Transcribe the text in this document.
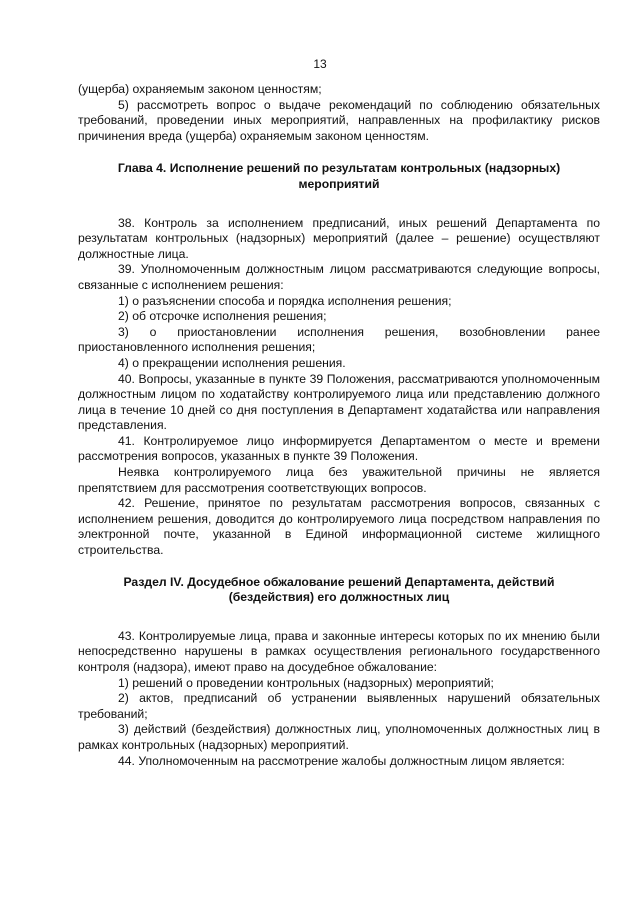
13

(ущерба) охраняемым законом ценностям;

5) рассмотреть вопрос о выдаче рекомендаций по соблюдению обязательных требований, проведении иных мероприятий, направленных на профилактику рисков причинения вреда (ущерба) охраняемым законом ценностям.

Глава 4. Исполнение решений по результатам контрольных (надзорных) мероприятий

38. Контроль за исполнением предписаний, иных решений Департамента по результатам контрольных (надзорных) мероприятий (далее – решение) осуществляют должностные лица.

39. Уполномоченным должностным лицом рассматриваются следующие вопросы, связанные с исполнением решения:

1) о разъяснении способа и порядка исполнения решения;

2) об отсрочке исполнения решения;

3) о приостановлении исполнения решения, возобновлении ранее приостановленного исполнения решения;

4) о прекращении исполнения решения.

40. Вопросы, указанные в пункте 39 Положения, рассматриваются уполномоченным должностным лицом по ходатайству контролируемого лица или представлению должного лица в течение 10 дней со дня поступления в Департамент ходатайства или направления представления.

41. Контролируемое лицо информируется Департаментом о месте и времени рассмотрения вопросов, указанных в пункте 39 Положения.

Неявка контролируемого лица без уважительной причины не является препятствием для рассмотрения соответствующих вопросов.

42. Решение, принятое по результатам рассмотрения вопросов, связанных с исполнением решения, доводится до контролируемого лица посредством направления по электронной почте, указанной в Единой информационной системе жилищного строительства.

Раздел IV. Досудебное обжалование решений Департамента, действий (бездействия) его должностных лиц

43. Контролируемые лица, права и законные интересы которых по их мнению были непосредственно нарушены в рамках осуществления регионального государственного контроля (надзора), имеют право на досудебное обжалование:

1) решений о проведении контрольных (надзорных) мероприятий;

2) актов, предписаний об устранении выявленных нарушений обязательных требований;

3) действий (бездействия) должностных лиц, уполномоченных должностных лиц в рамках контрольных (надзорных) мероприятий.

44. Уполномоченным на рассмотрение жалобы должностным лицом является:
